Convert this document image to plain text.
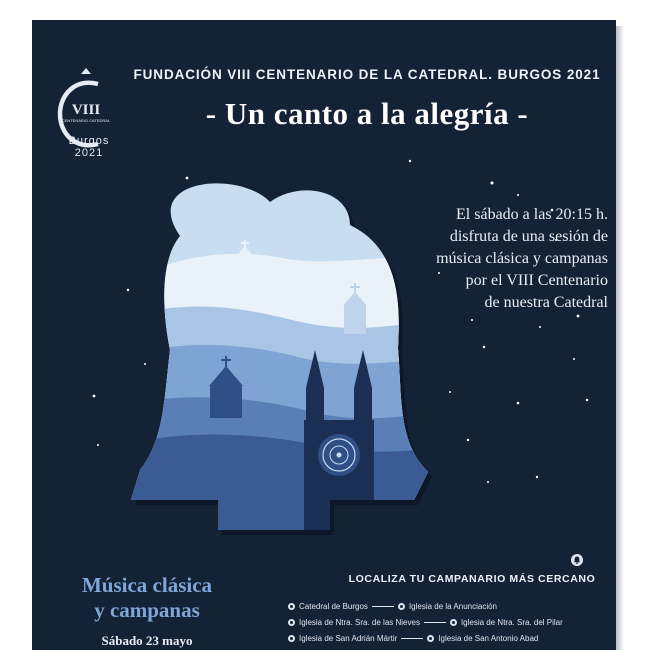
VIII
CENTENARIO CATEDRAL
Burgos 2021
FUNDACIÓN VIII CENTENARIO DE LA CATEDRAL. BURGOS 2021
- Un canto a la alegría -
El sábado a las 20:15 h.
disfruta de una sesión de
música clásica y campanas
por el VIII Centenario
de nuestra Catedral
Música clásica
y campanas
Sábado 23 mayo
LOCALIZA TU CAMPANARIO MÁS CERCANO
Catedral de Burgos	Iglesia de la Anunciación
Iglesia de Ntra. Sra. de las Nieves	Iglesia de Ntra. Sra. del Pilar
Iglesia de San Adrián Mártir	Iglesia de San Antonio Abad
